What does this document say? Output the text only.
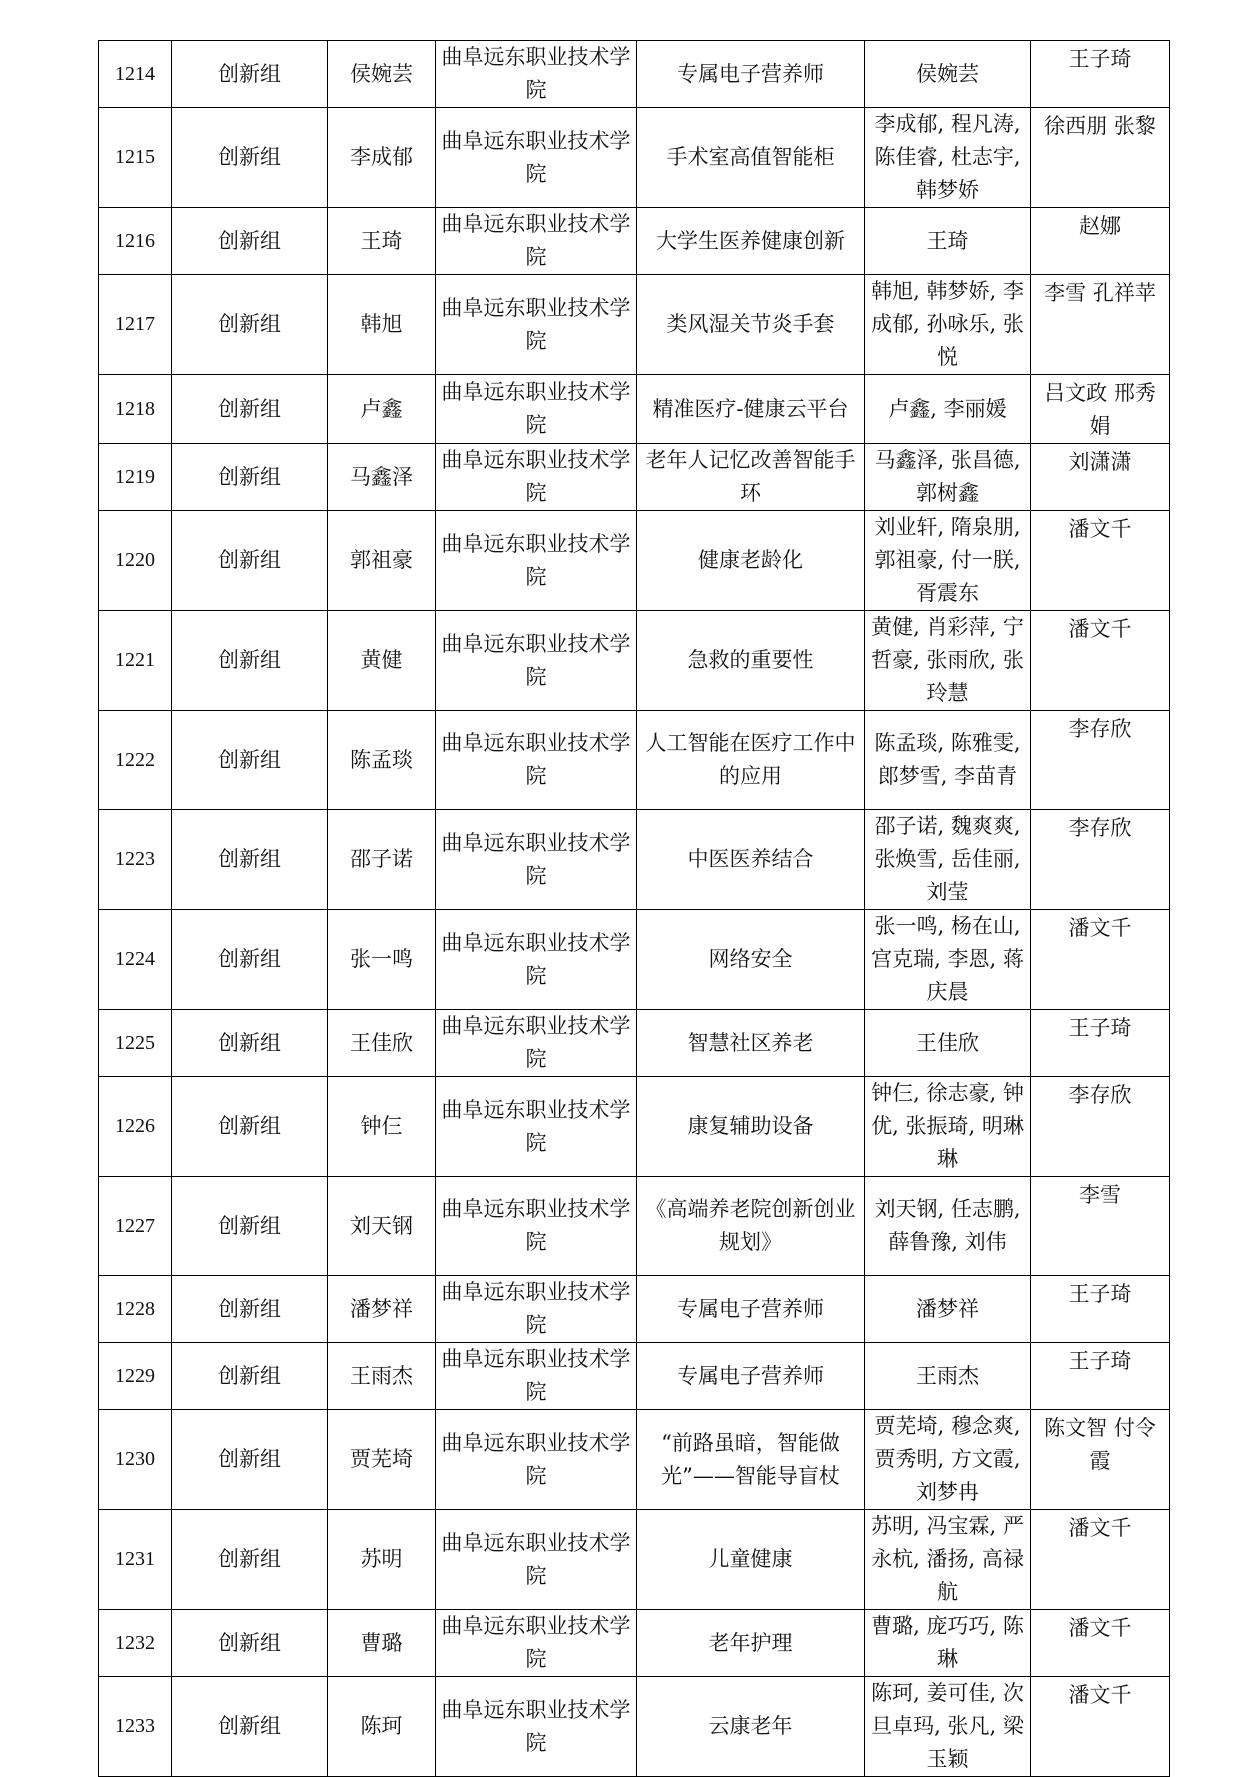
1214	创新组	侯婉芸	曲阜远东职业技术学院	专属电子营养师	侯婉芸	王子琦
1215	创新组	李成郁	曲阜远东职业技术学院	手术室高值智能柜	李成郁, 程凡涛, 陈佳睿, 杜志宇, 韩梦娇	徐西朋 张黎
1216	创新组	王琦	曲阜远东职业技术学院	大学生医养健康创新	王琦	赵娜
1217	创新组	韩旭	曲阜远东职业技术学院	类风湿关节炎手套	韩旭, 韩梦娇, 李成郁, 孙咏乐, 张悦	李雪 孔祥苹
1218	创新组	卢鑫	曲阜远东职业技术学院	精准医疗-健康云平台	卢鑫, 李丽媛	吕文政 邢秀娟
1219	创新组	马鑫泽	曲阜远东职业技术学院	老年人记忆改善智能手环	马鑫泽, 张昌德, 郭树鑫	刘潇潇
1220	创新组	郭祖豪	曲阜远东职业技术学院	健康老龄化	刘业轩, 隋泉朋, 郭祖豪, 付一朕, 胥震东	潘文千
1221	创新组	黄健	曲阜远东职业技术学院	急救的重要性	黄健, 肖彩萍, 宁哲豪, 张雨欣, 张玲慧	潘文千
1222	创新组	陈孟琰	曲阜远东职业技术学院	人工智能在医疗工作中的应用	陈孟琰, 陈雅雯, 郎梦雪, 李苗青	李存欣
1223	创新组	邵子诺	曲阜远东职业技术学院	中医医养结合	邵子诺, 魏爽爽, 张焕雪, 岳佳丽, 刘莹	李存欣
1224	创新组	张一鸣	曲阜远东职业技术学院	网络安全	张一鸣, 杨在山, 宫克瑞, 李恩, 蒋庆晨	潘文千
1225	创新组	王佳欣	曲阜远东职业技术学院	智慧社区养老	王佳欣	王子琦
1226	创新组	钟仨	曲阜远东职业技术学院	康复辅助设备	钟仨, 徐志豪, 钟优, 张振琦, 明琳琳	李存欣
1227	创新组	刘天钢	曲阜远东职业技术学院	《高端养老院创新创业规划》	刘天钢, 任志鹏, 薛鲁豫, 刘伟	李雪
1228	创新组	潘梦祥	曲阜远东职业技术学院	专属电子营养师	潘梦祥	王子琦
1229	创新组	王雨杰	曲阜远东职业技术学院	专属电子营养师	王雨杰	王子琦
1230	创新组	贾芜埼	曲阜远东职业技术学院	“前路虽暗，智能做光”——智能导盲杖	贾芜埼, 穆念爽, 贾秀明, 方文霞, 刘梦冉	陈文智 付令霞
1231	创新组	苏明	曲阜远东职业技术学院	儿童健康	苏明, 冯宝霖, 严永杭, 潘扬, 高禄航	潘文千
1232	创新组	曹璐	曲阜远东职业技术学院	老年护理	曹璐, 庞巧巧, 陈琳	潘文千
1233	创新组	陈珂	曲阜远东职业技术学院	云康老年	陈珂, 姜可佳, 次旦卓玛, 张凡, 梁玉颖	潘文千
